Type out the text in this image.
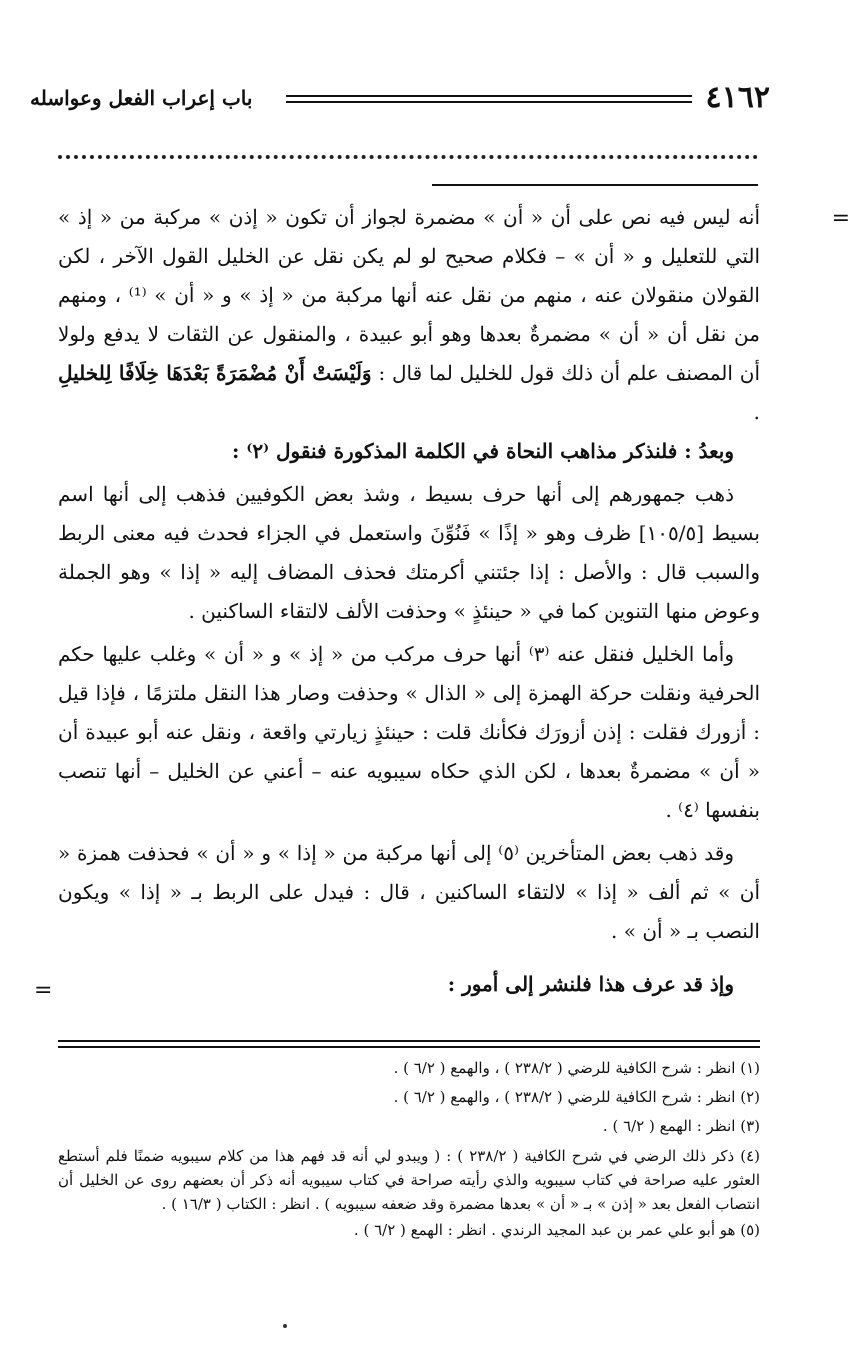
٤١٦٢
باب إعراب الفعل وعواسله
=

أنه ليس فيه نص على أن « أن » مضمرة لجواز أن تكون « إذن » مركبة من « إذ » التي للتعليل و « أن » – فكلام صحيح لو لم يكن نقل عن الخليل القول الآخر ، لكن القولان منقولان عنه ، منهم من نقل عنه أنها مركبة من « إذ » و « أن » ⁽¹⁾ ، ومنهم من نقل أن « أن » مضمرةٌ بعدها وهو أبو عبيدة ، والمنقول عن الثقات لا يدفع ولولا أن المصنف علم أن ذلك قول للخليل لما قال : وَلَيْسَتْ أَنْ مُضْمَرَةً بَعْدَهَا خِلَافًا لِلخليلِ .

وبعدُ : فلنذكر مذاهب النحاة في الكلمة المذكورة فنقول ⁽٢⁾ :

ذهب جمهورهم إلى أنها حرف بسيط ، وشذ بعض الكوفيين فذهب إلى أنها اسم بسيط [١٠٥/٥] ظرف وهو « إذًا » فَنُوِّنَ واستعمل في الجزاء فحدث فيه معنى الربط والسبب قال : والأصل : إذا جئتني أكرمتك فحذف المضاف إليه « إذا » وهو الجملة وعوض منها التنوين كما في « حينئذٍ » وحذفت الألف لالتقاء الساكنين .

وأما الخليل فنقل عنه ⁽٣⁾ أنها حرف مركب من « إذ » و « أن » وغلب عليها حكم الحرفية ونقلت حركة الهمزة إلى « الذال » وحذفت وصار هذا النقل ملتزمًا ، فإذا قيل : أزورك فقلت : إذن أزورَك فكأنك قلت : حينئذٍ زيارتي واقعة ، ونقل عنه أبو عبيدة أن « أن » مضمرةٌ بعدها ، لكن الذي حكاه سيبويه عنه – أعني عن الخليل – أنها تنصب بنفسها ⁽٤⁾ .

وقد ذهب بعض المتأخرين ⁽٥⁾ إلى أنها مركبة من « إذا » و « أن » فحذفت همزة « أن » ثم ألف « إذا » لالتقاء الساكنين ، قال : فيدل على الربط بـ « إذا » ويكون النصب بـ « أن » .

وإذ قد عرف هذا فلنشر إلى أمور :

=

(١) انظر : شرح الكافية للرضي ( ٢٣٨/٢ ) ، والهمع ( ٦/٢ ) .

(٢) انظر : شرح الكافية للرضي ( ٢٣٨/٢ ) ، والهمع ( ٦/٢ ) .

(٣) انظر : الهمع ( ٦/٢ ) .

(٤) ذكر ذلك الرضي في شرح الكافية ( ٢٣٨/٢ ) : ( ويبدو لي أنه قد فهم هذا من كلام سيبويه ضمنًا فلم أستطع العثور عليه صراحة في كتاب سيبويه والذي رأيته صراحة في كتاب سيبويه أنه ذكر أن بعضهم روى عن الخليل أن انتصاب الفعل بعد « إذن » بـ « أن » بعدها مضمرة وقد ضعفه سيبويه ) . انظر : الكتاب ( ١٦/٣ ) .

(٥) هو أبو علي عمر بن عبد المجيد الرندي . انظر : الهمع ( ٦/٢ ) .
